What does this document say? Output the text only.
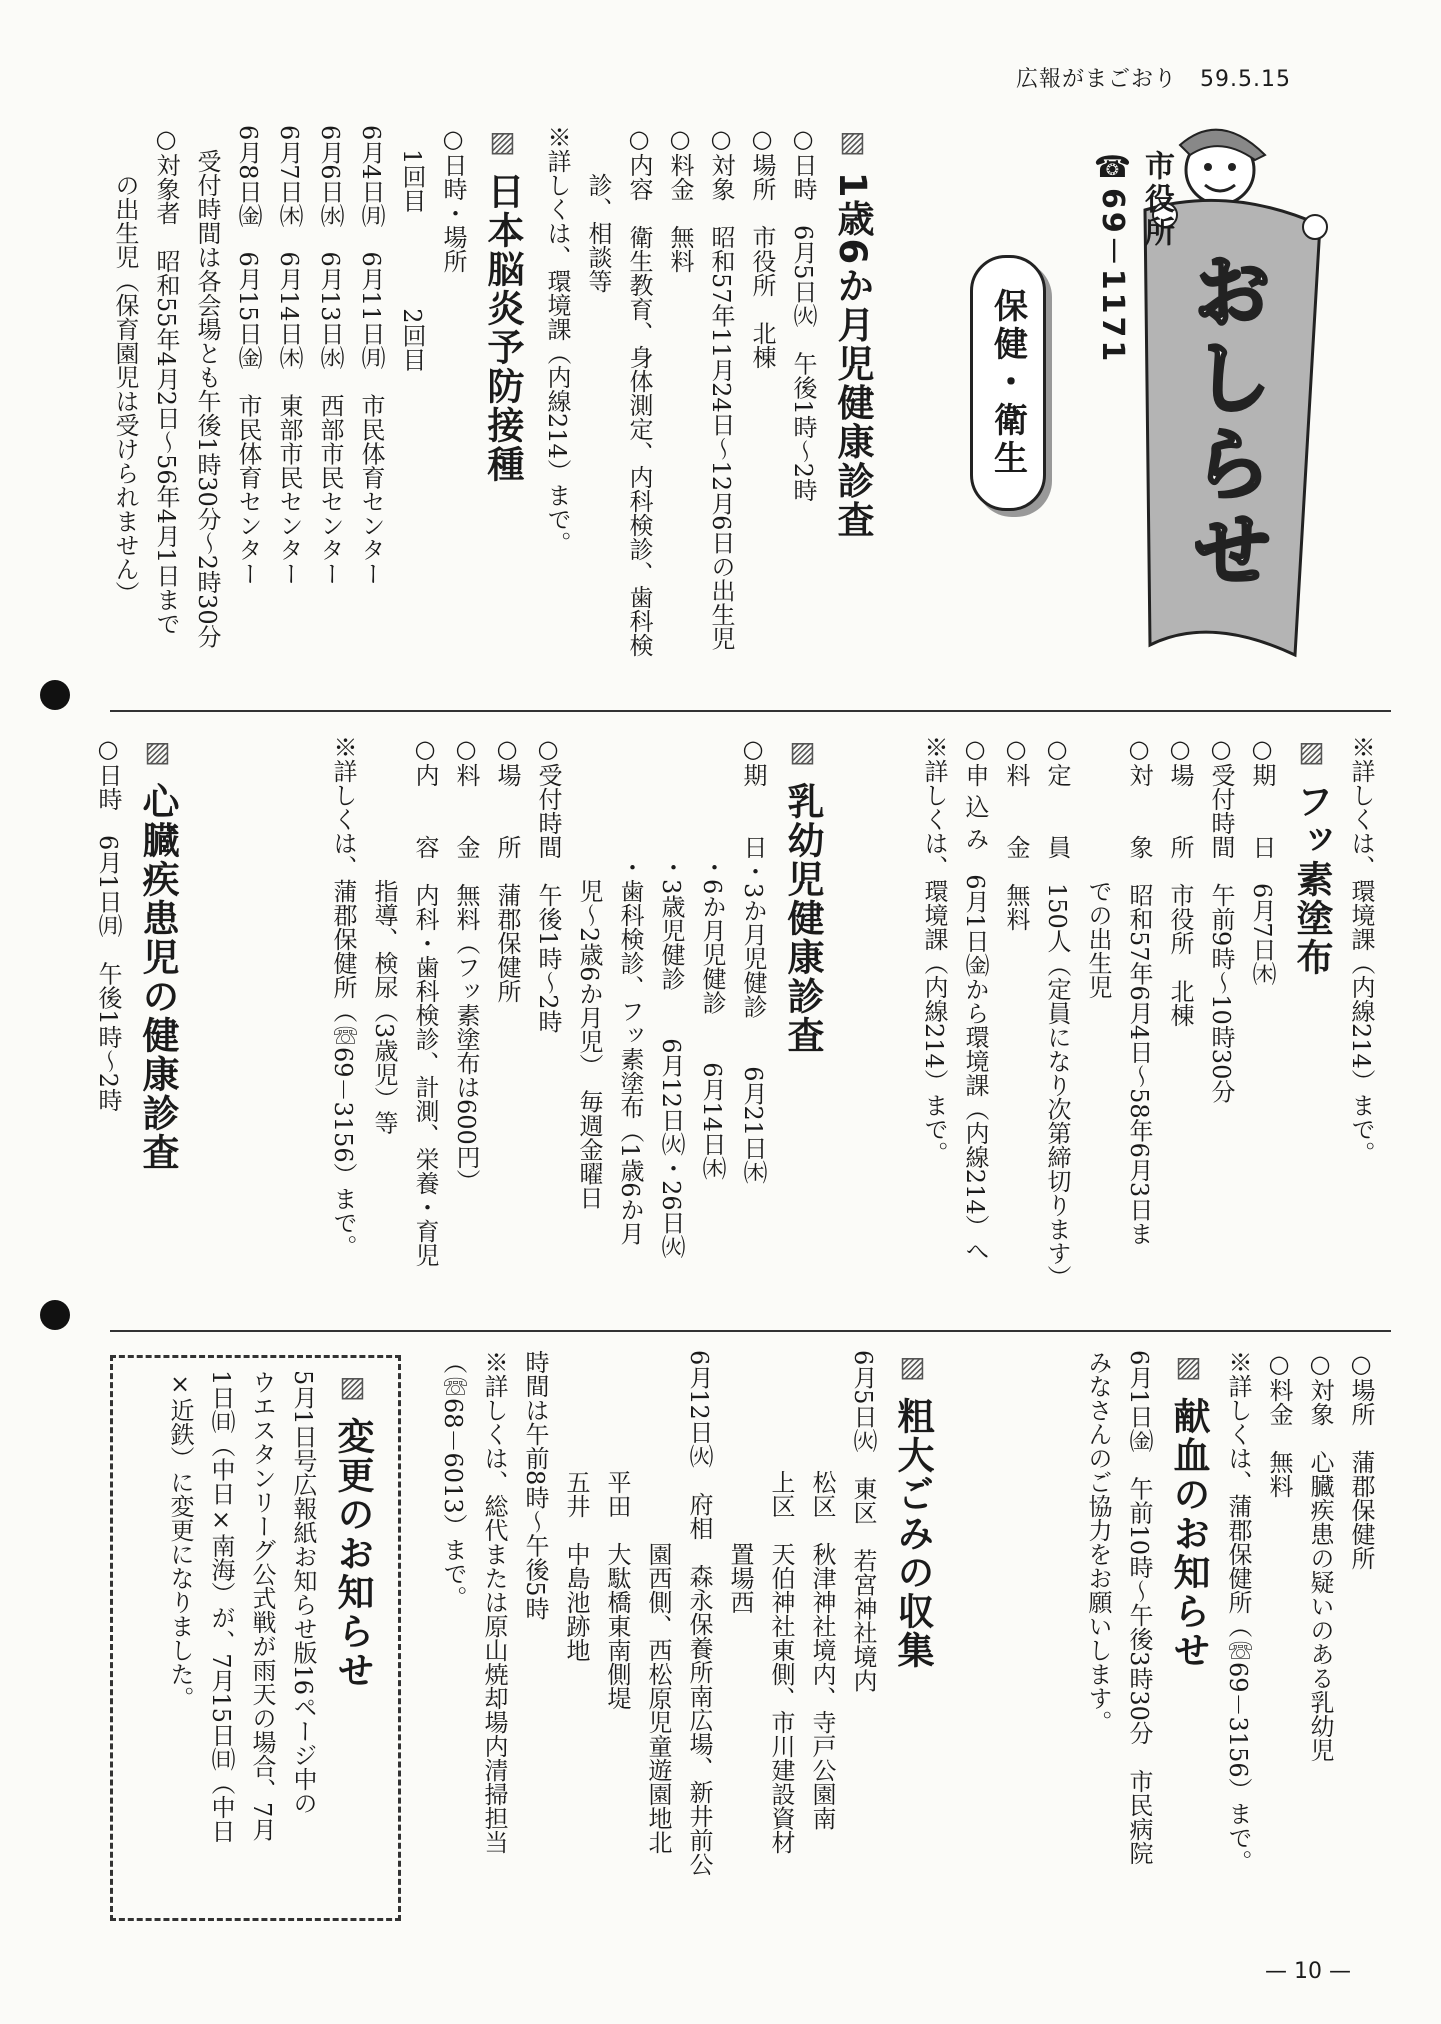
広報がまごおり　59.5.15
おしらせ
市役所
☎69－1171
保健・衛生
▨ 1歳6か月児健康診査
○日時　6月5日㈫　午後1時～2時
○場所　市役所　北棟
○対象　昭和57年11月24日～12月6日の出生児
○料金　無料
○内容　衛生教育、身体測定、内科検診、歯科検
　　診、相談等
※詳しくは、環境課（内線214）まで。
▨ 日本脳炎予防接種
○日時・場所
　1回目　　　　2回目
6月4日㈪　6月11日㈪　市民体育センター
6月6日㈬　6月13日㈬　西部市民センター
6月7日㈭　6月14日㈭　東部市民センター
6月8日㈮　6月15日㈮　市民体育センター
　受付時間は各会場とも午後1時30分～2時30分
○対象者　昭和55年4月2日～56年4月1日まで
　　の出生児（保育園児は受けられません）
※詳しくは、環境課（内線214）まで。
▨ フッ素塗布
○期　　日　6月7日㈭
○受付時間　午前9時～10時30分
○場　　所　市役所　北棟
○対　　象　昭和57年6月4日～58年6月3日ま
　　　　　　での出生児
○定　　員　150人（定員になり次第締切ります）
○料　　金　無料
○申 込 み　6月1日㈮から環境課（内線214）へ
※詳しくは、環境課（内線214）まで。
▨ 乳幼児健康診査
○期　　日・3か月児健診　　6月21日㈭
　　　　　・6か月児健診　　6月14日㈭
　　　　　・3歳児健診　　6月12日㈫・26日㈫
　　　　　・歯科検診、フッ素塗布（1歳6か月
　　　　　　児～2歳6か月児）　毎週金曜日
○受付時間　午後1時～2時
○場　　所　蒲郡保健所
○料　　金　無料（フッ素塗布は600円）
○内　　容　内科・歯科検診、計測、栄養・育児
　　　　　　指導、検尿（3歳児）等
※詳しくは、蒲郡保健所（☏69－3156）まで。
▨ 心臓疾患児の健康診査
○日時　6月1日㈪　午後1時～2時
○場所　蒲郡保健所
○対象　心臓疾患の疑いのある乳幼児
○料金　無料
※詳しくは、蒲郡保健所（☏69－3156）まで。
▨ 献血のお知らせ
6月1日㈮　午前10時～午後3時30分　市民病院
みなさんのご協力をお願いします。
▨ 粗大ごみの収集
6月5日㈫　東区　若宮神社境内
　　　　　松区　秋津神社境内、寺戸公園南
　　　　　上区　天伯神社東側、市川建設資材
　　　　　　　　置場西
6月12日㈫　府相　森永保養所南広場、新井前公
　　　　　　　　園西側、西松原児童遊園地北
　　　　　平田　大駄橋東南側堤
　　　　　五井　中島池跡地
時間は午前8時～午後5時
※詳しくは、総代または原山焼却場内清掃担当
（☏68－6013）まで。
▨ 変更のお知らせ
5月1日号広報紙お知らせ版16ページ中の
ウエスタンリーグ公式戦が雨天の場合、7月
1日㈰（中日×南海）が、7月15日㈰（中日
×近鉄）に変更になりました。
— 10 —
